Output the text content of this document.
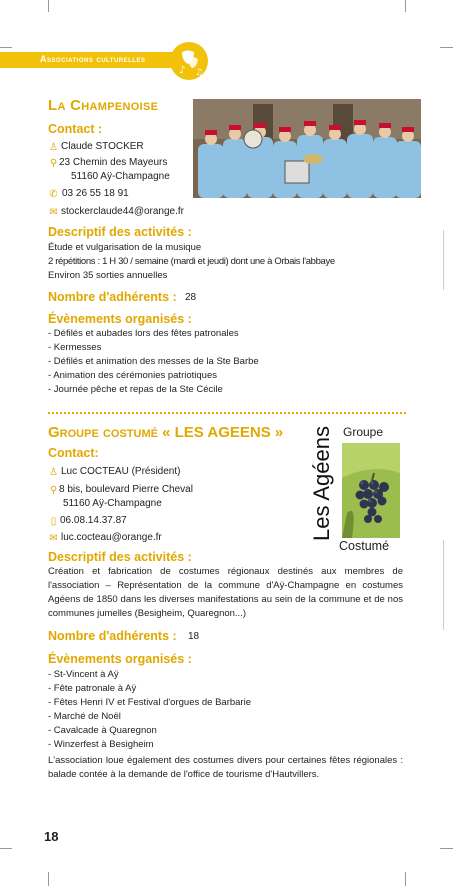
Associations culturelles
♪ ♫
La Champenoise
Contact :
♙ Claude STOCKER
⚲ 23 Chemin des Mayeurs
51160 Aÿ-Champagne
✆ 03 26 55 18 91
✉ stockerclaude44@orange.fr
Descriptif des activités :
Étude et vulgarisation de la musique
2 répétitions : 1 H 30 / semaine (mardi et jeudi) dont une à Orbais l'abbaye
Environ 35 sorties annuelles
Nombre d'adhérents : 28
Évènements organisés :
- Défilés et aubades lors des fêtes patronales
- Kermesses
- Défilés et animation des messes de la Ste Barbe
- Animation des cérémonies patriotiques
- Journée pêche et repas de la Ste Cécile
Groupe costumé « LES AGEENS »	Groupe
Les Agéens
Costumé
Contact:
♙ Luc COCTEAU (Président)
⚲ 8 bis, boulevard Pierre Cheval
51160 Aÿ-Champagne
▯ 06.08.14.37.87
✉ luc.cocteau@orange.fr
Descriptif des activités :
Création et fabrication de costumes régionaux destinés aux membres de l'association – Représentation de la commune d'Aÿ-Champagne en costumes Agéens de 1850 dans les diverses manifestations au sein de la commune et de nos communes jumelles (Besigheim, Quaregnon...)
Nombre d'adhérents : 18
Évènements organisés :
- St-Vincent à Aÿ
- Fête patronale à Aÿ
- Fêtes Henri IV et Festival d'orgues de Barbarie
- Marché de Noël
- Cavalcade à Quaregnon
- Winzerfest à Besigheim
L'association loue également des costumes divers pour certaines fêtes régionales : balade contée à la demande de l'office de tourisme d'Hautvillers.
18
